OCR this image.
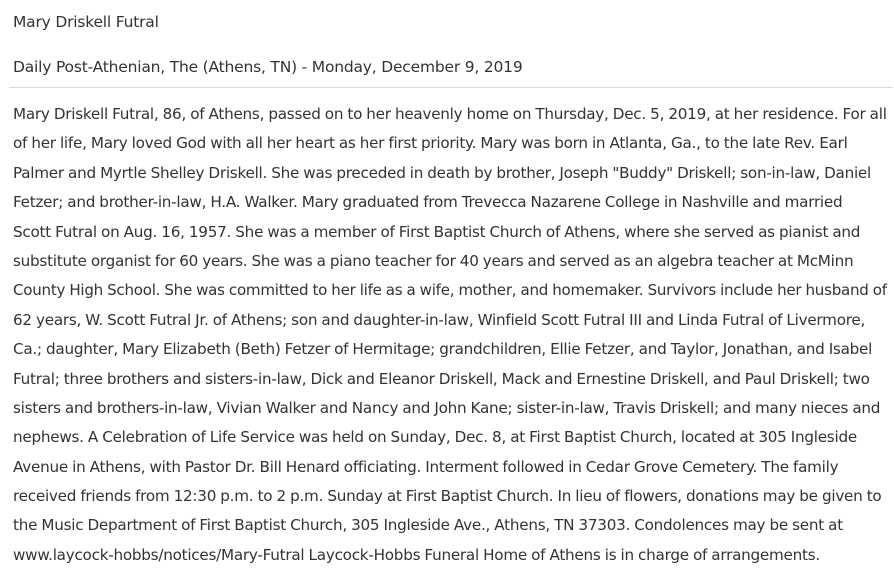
Mary Driskell Futral
Daily Post-Athenian, The (Athens, TN) - Monday, December 9, 2019
Mary Driskell Futral, 86, of Athens, passed on to her heavenly home on Thursday, Dec. 5, 2019, at her residence. For all
of her life, Mary loved God with all her heart as her first priority. Mary was born in Atlanta, Ga., to the late Rev. Earl
Palmer and Myrtle Shelley Driskell. She was preceded in death by brother, Joseph "Buddy" Driskell; son-in-law, Daniel
Fetzer; and brother-in-law, H.A. Walker. Mary graduated from Trevecca Nazarene College in Nashville and married
Scott Futral on Aug. 16, 1957. She was a member of First Baptist Church of Athens, where she served as pianist and
substitute organist for 60 years. She was a piano teacher for 40 years and served as an algebra teacher at McMinn
County High School. She was committed to her life as a wife, mother, and homemaker. Survivors include her husband of
62 years, W. Scott Futral Jr. of Athens; son and daughter-in-law, Winfield Scott Futral III and Linda Futral of Livermore,
Ca.; daughter, Mary Elizabeth (Beth) Fetzer of Hermitage; grandchildren, Ellie Fetzer, and Taylor, Jonathan, and Isabel
Futral; three brothers and sisters-in-law, Dick and Eleanor Driskell, Mack and Ernestine Driskell, and Paul Driskell; two
sisters and brothers-in-law, Vivian Walker and Nancy and John Kane; sister-in-law, Travis Driskell; and many nieces and
nephews. A Celebration of Life Service was held on Sunday, Dec. 8, at First Baptist Church, located at 305 Ingleside
Avenue in Athens, with Pastor Dr. Bill Henard officiating. Interment followed in Cedar Grove Cemetery. The family
received friends from 12:30 p.m. to 2 p.m. Sunday at First Baptist Church. In lieu of flowers, donations may be given to
the Music Department of First Baptist Church, 305 Ingleside Ave., Athens, TN 37303. Condolences may be sent at
www.laycock-hobbs/notices/Mary-Futral Laycock-Hobbs Funeral Home of Athens is in charge of arrangements.
